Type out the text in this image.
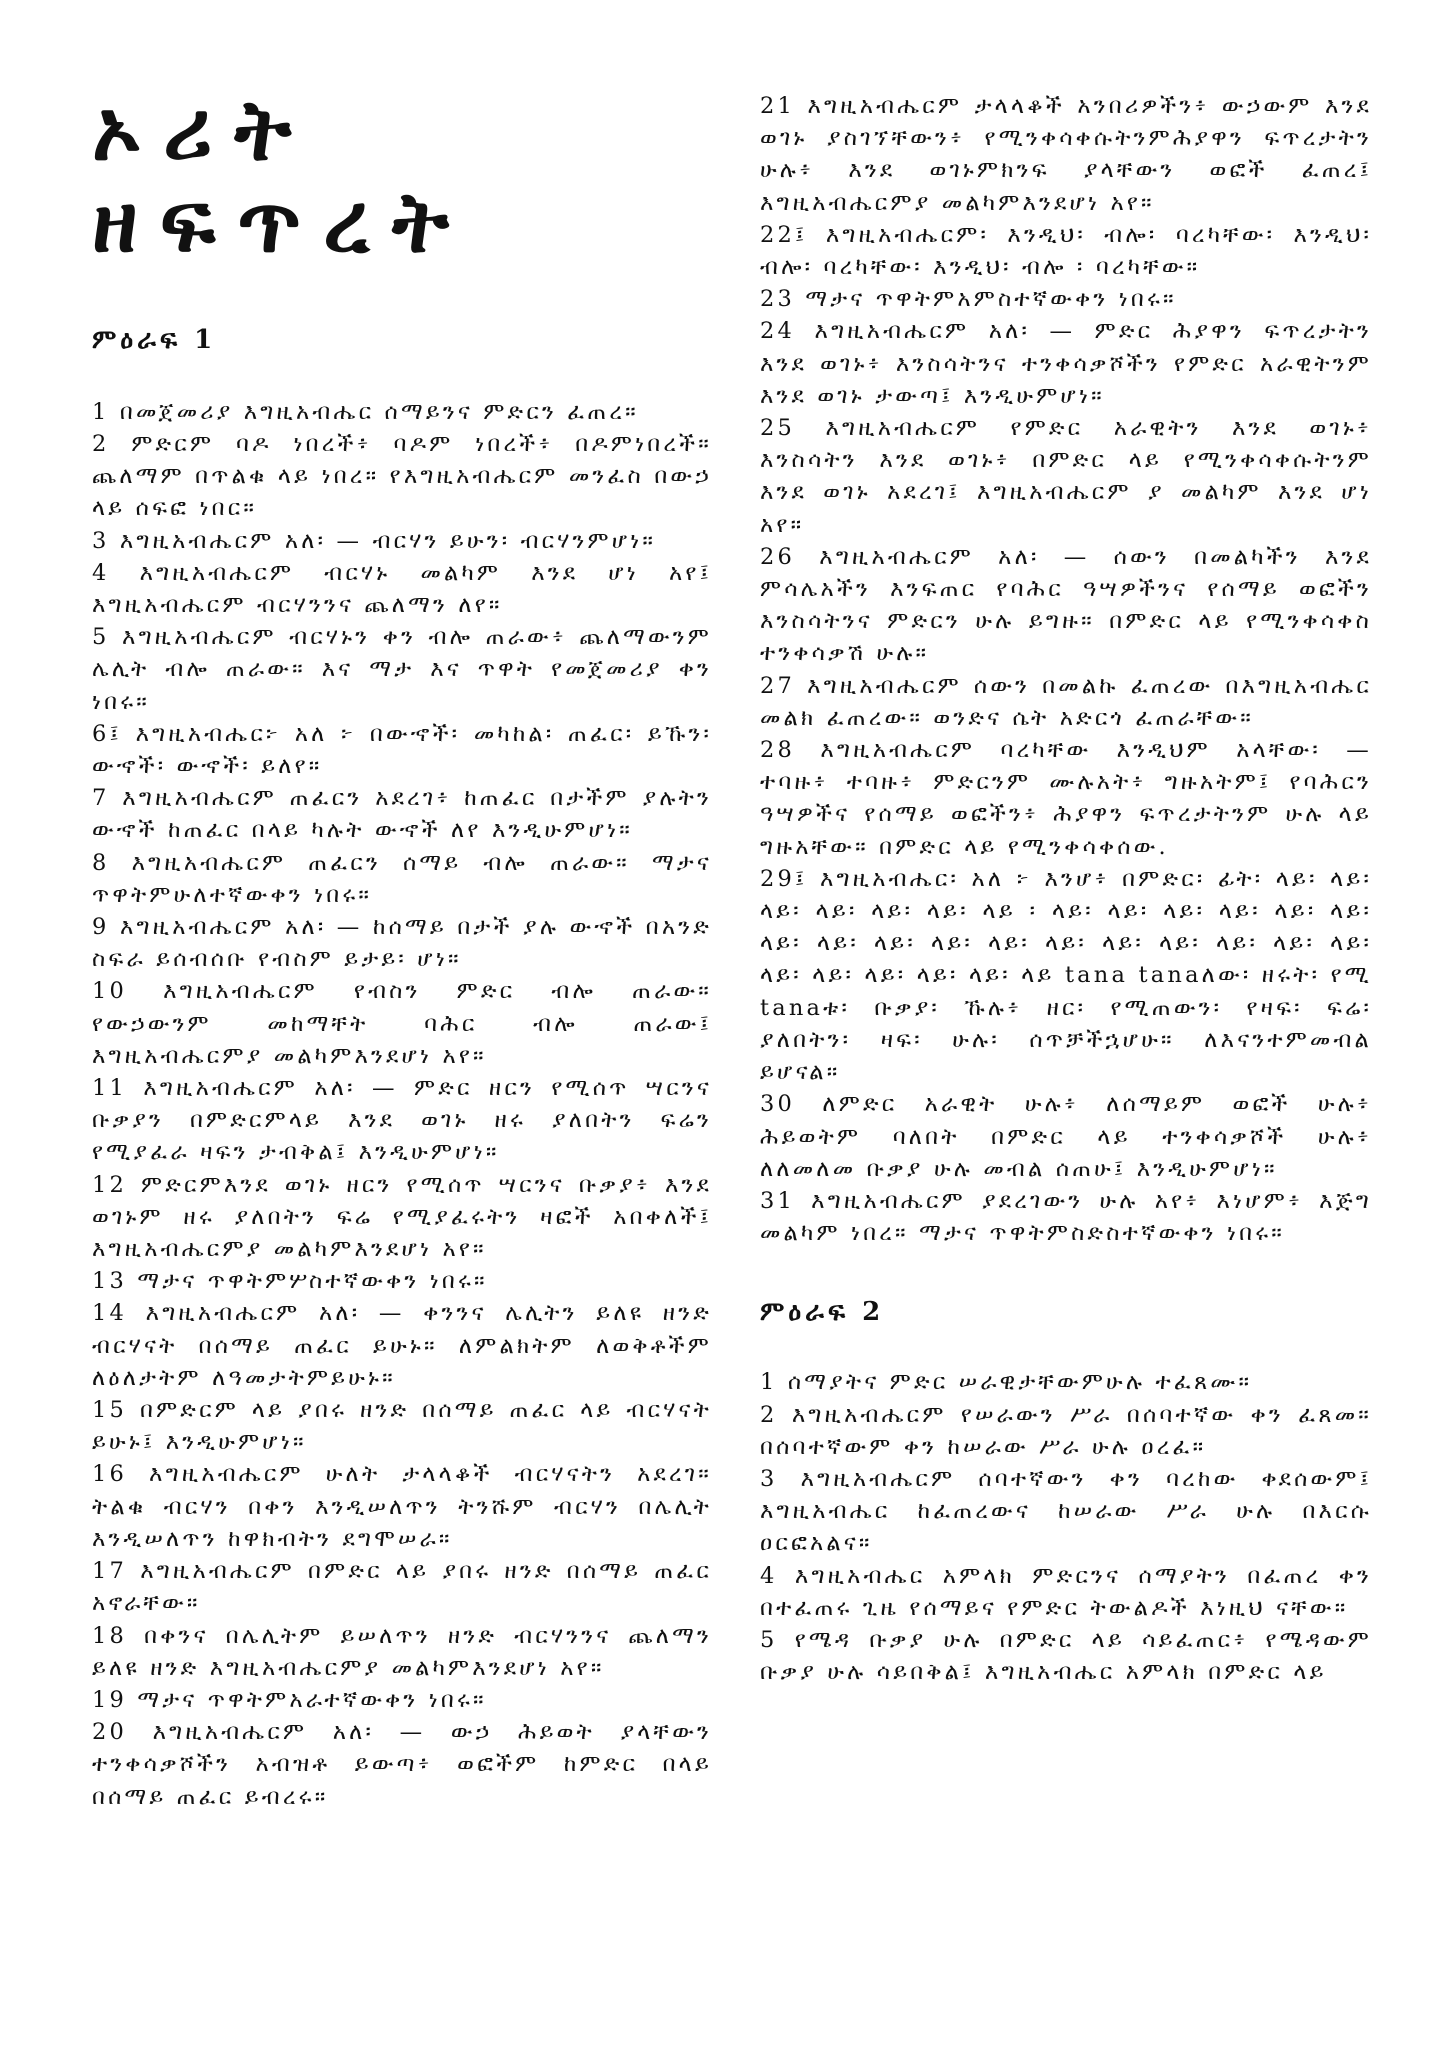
ኦሪት ዘፍጥረት
ምዕራፍ 1
1 በመጀመሪያ እግዚአብሔር ሰማይንና ምድርን ፈጠረ።
2 ምድርም ባዶ ነበረች፥ ባዶም ነበረች፥ በዶምነበረች። ጨለማም በጥልቁ ላይ ነበረ። የእግዚአብሔርም መንፈስ በውኃ ላይ ሰፍፎ ነበር።
3 እግዚአብሔርም አለ፡ — ብርሃን ይሁን፡ ብርሃንምሆነ።
4 እግዚአብሔርም ብርሃኑ መልካም እንደ ሆነ አየ፤ እግዚአብሔርም ብርሃንንና ጨለማን ለየ።
5 እግዚአብሔርም ብርሃኑን ቀን ብሎ ጠራው፥ ጨለማውንም ሌሊት ብሎ ጠራው። እና ማታ እና ጥዋት የመጀመሪያ ቀን ነበሩ።
6፤ እግዚአብሔር፦ አለ ፦ በውኆች፡ መካከል፡ ጠፈር፡ ይኹን፡ ውኆች፡ ውኆች፡ ይለየ።
7 እግዚአብሔርም ጠፈርን አደረገ፥ ከጠፈር በታችም ያሉትን ውኆች ከጠፈር በላይ ካሉት ውኆች ለየ እንዲሁምሆነ።
8 እግዚአብሔርም ጠፈርን ሰማይ ብሎ ጠራው። ማታና ጥዋትምሁለተኛውቀን ነበሩ።
9 እግዚአብሔርም አለ፡ — ከሰማይ በታች ያሉ ውኆች በአንድ ስፍራ ይሰብሰቡ የብስም ይታይ፡ ሆነ።
10 እግዚአብሔርም የብስን ምድር ብሎ ጠራው። የውኃውንም መከማቸት ባሕር ብሎ ጠራው፤ እግዚአብሔርምያ መልካምእንደሆነ አየ።
11 እግዚአብሔርም አለ፡ — ምድር ዘርን የሚሰጥ ሣርንና ቡቃያን በምድርምላይ እንደ ወገኑ ዘሩ ያለበትን ፍሬን የሚያፈራ ዛፍን ታብቅል፤ እንዲሁምሆነ።
12 ምድርምእንደ ወገኑ ዘርን የሚሰጥ ሣርንና ቡቃያ፥ እንደ ወገኑም ዘሩ ያለበትን ፍሬ የሚያፈሩትን ዛፎች አበቀለች፤ እግዚአብሔርምያ መልካምእንደሆነ አየ።
13 ማታና ጥዋትምሦስተኛውቀን ነበሩ።
14 እግዚአብሔርም አለ፡ — ቀንንና ሌሊትን ይለዩ ዘንድ ብርሃናት በሰማይ ጠፈር ይሁኑ። ለምልክትም ለወቅቶችም ለዕለታትም ለዓመታትምይሁኑ።
15 በምድርም ላይ ያበሩ ዘንድ በሰማይ ጠፈር ላይ ብርሃናት ይሁኑ፤ እንዲሁምሆነ።
16 እግዚአብሔርም ሁለት ታላላቆች ብርሃናትን አደረገ። ትልቁ ብርሃን በቀን እንዲሠለጥን ትንሹም ብርሃን በሌሊት እንዲሠለጥን ከዋክብትን ደግሞሠራ።
17 እግዚአብሔርም በምድር ላይ ያበሩ ዘንድ በሰማይ ጠፈር አኖራቸው።
18 በቀንና በሌሊትም ይሠለጥን ዘንድ ብርሃንንና ጨለማን ይለዩ ዘንድ እግዚአብሔርምያ መልካምእንደሆነ አየ።
19 ማታና ጥዋትምአራተኛውቀን ነበሩ።
20 እግዚአብሔርም አለ፡ — ውኃ ሕይወት ያላቸውን ተንቀሳቃሾችን አብዝቶ ይውጣ፥ ወፎችም ከምድር በላይ በሰማይ ጠፈር ይብረሩ።
21 እግዚአብሔርም ታላላቆች አንበሪዎችን፥ ውኃውም እንደ ወገኑ ያስገኘቸውን፥ የሚንቀሳቀሱትንምሕያዋን ፍጥረታትን ሁሉ፥ እንደ ወገኑምክንፍ ያላቸውን ወፎች ፈጠረ፤ እግዚአብሔርምያ መልካምእንደሆነ አየ።
22፤ እግዚአብሔርም፡ እንዲህ፡ ብሎ፡ ባረካቸው፡ እንዲህ፡ ብሎ፡ ባረካቸው፡ እንዲህ፡ ብሎ ፡ ባረካቸው።
23 ማታና ጥዋትምአምስተኛውቀን ነበሩ።
24 እግዚአብሔርም አለ፡ — ምድር ሕያዋን ፍጥረታትን እንደ ወገኑ፥ እንስሳትንና ተንቀሳቃሾችን የምድር አራዊትንም እንደ ወገኑ ታውጣ፤ እንዲሁምሆነ።
25 እግዚአብሔርም የምድር አራዊትን እንደ ወገኑ፥ እንስሳትን እንደ ወገኑ፥ በምድር ላይ የሚንቀሳቀሱትንም እንደ ወገኑ አደረገ፤ እግዚአብሔርም ያ መልካም እንደ ሆነ አየ።
26 እግዚአብሔርም አለ፡ — ሰውን በመልካችን እንደ ምሳሌአችን እንፍጠር የባሕር ዓሣዎችንና የሰማይ ወፎችን እንስሳትንና ምድርን ሁሉ ይግዙ። በምድር ላይ የሚንቀሳቀስ ተንቀሳቃሽ ሁሉ።
27 እግዚአብሔርም ሰውን በመልኩ ፈጠረው በእግዚአብሔር መልክ ፈጠረው። ወንድና ሴት አድርጎ ፈጠራቸው።
28 እግዚአብሔርም ባረካቸው እንዲህም አላቸው፡ — ተባዙ፥ ተባዙ፥ ምድርንም ሙሉአት፥ ግዙአትም፤ የባሕርን ዓሣዎችና የሰማይ ወፎችን፥ ሕያዋን ፍጥረታትንም ሁሉ ላይ ግዙአቸው። በምድር ላይ የሚንቀሳቀሰው.
29፤ እግዚአብሔር፡ አለ ፦ እንሆ፥ በምድር፡ ፊት፡ ላይ፡ ላይ፡ ላይ፡ ላይ፡ ላይ፡ ላይ፡ ላይ ፡ ላይ፡ ላይ፡ ላይ፡ ላይ፡ ላይ፡ ላይ፡ ላይ፡ ላይ፡ ላይ፡ ላይ፡ ላይ፡ ላይ፡ ላይ፡ ላይ፡ ላይ፡ ላይ፡ ላይ፡ ላይ፡ ላይ፡ ላይ፡ ላይ፡ ላይ፡ ላይ tana tanaለው፡ ዘሩት፡ የሚ tanaቱ፡ ቡቃያ፡ ኹሉ፥ ዘር፡ የሚጠውን፡ የዛፍ፡ ፍሬ፡ ያለበትን፡ ዛፍ፡ ሁሉ፡ ሰጥቻችኋሆሁ። ለእናንተምመብል ይሆናል።
30 ለምድር አራዊት ሁሉ፥ ለሰማይም ወፎች ሁሉ፥ ሕይወትም ባለበት በምድር ላይ ተንቀሳቃሾች ሁሉ፥ ለለመለመ ቡቃያ ሁሉ መብል ሰጠሁ፤ እንዲሁምሆነ።
31 እግዚአብሔርም ያደረገውን ሁሉ አየ፥ እነሆም፥ እጅግ መልካም ነበረ። ማታና ጥዋትምስድስተኛውቀን ነበሩ።
ምዕራፍ 2
1 ሰማያትና ምድር ሠራዊታቸውምሁሉ ተፈጸሙ።
2 እግዚአብሔርም የሠራውን ሥራ በሰባተኛው ቀን ፈጸመ። በሰባተኛውም ቀን ከሠራው ሥራ ሁሉ ዐረፈ።
3 እግዚአብሔርም ሰባተኛውን ቀን ባረከው ቀደሰውም፤ እግዚአብሔር ከፈጠረውና ከሠራው ሥራ ሁሉ በእርሱ ዐርፎአልና።
4 እግዚአብሔር አምላክ ምድርንና ሰማያትን በፈጠረ ቀን በተፈጠሩ ጊዜ የሰማይና የምድር ትውልዶች እነዚህ ናቸው።
5 የሜዳ ቡቃያ ሁሉ በምድር ላይ ሳይፈጠር፥ የሜዳውም ቡቃያ ሁሉ ሳይበቅል፤ እግዚአብሔር አምላክ በምድር ላይ
